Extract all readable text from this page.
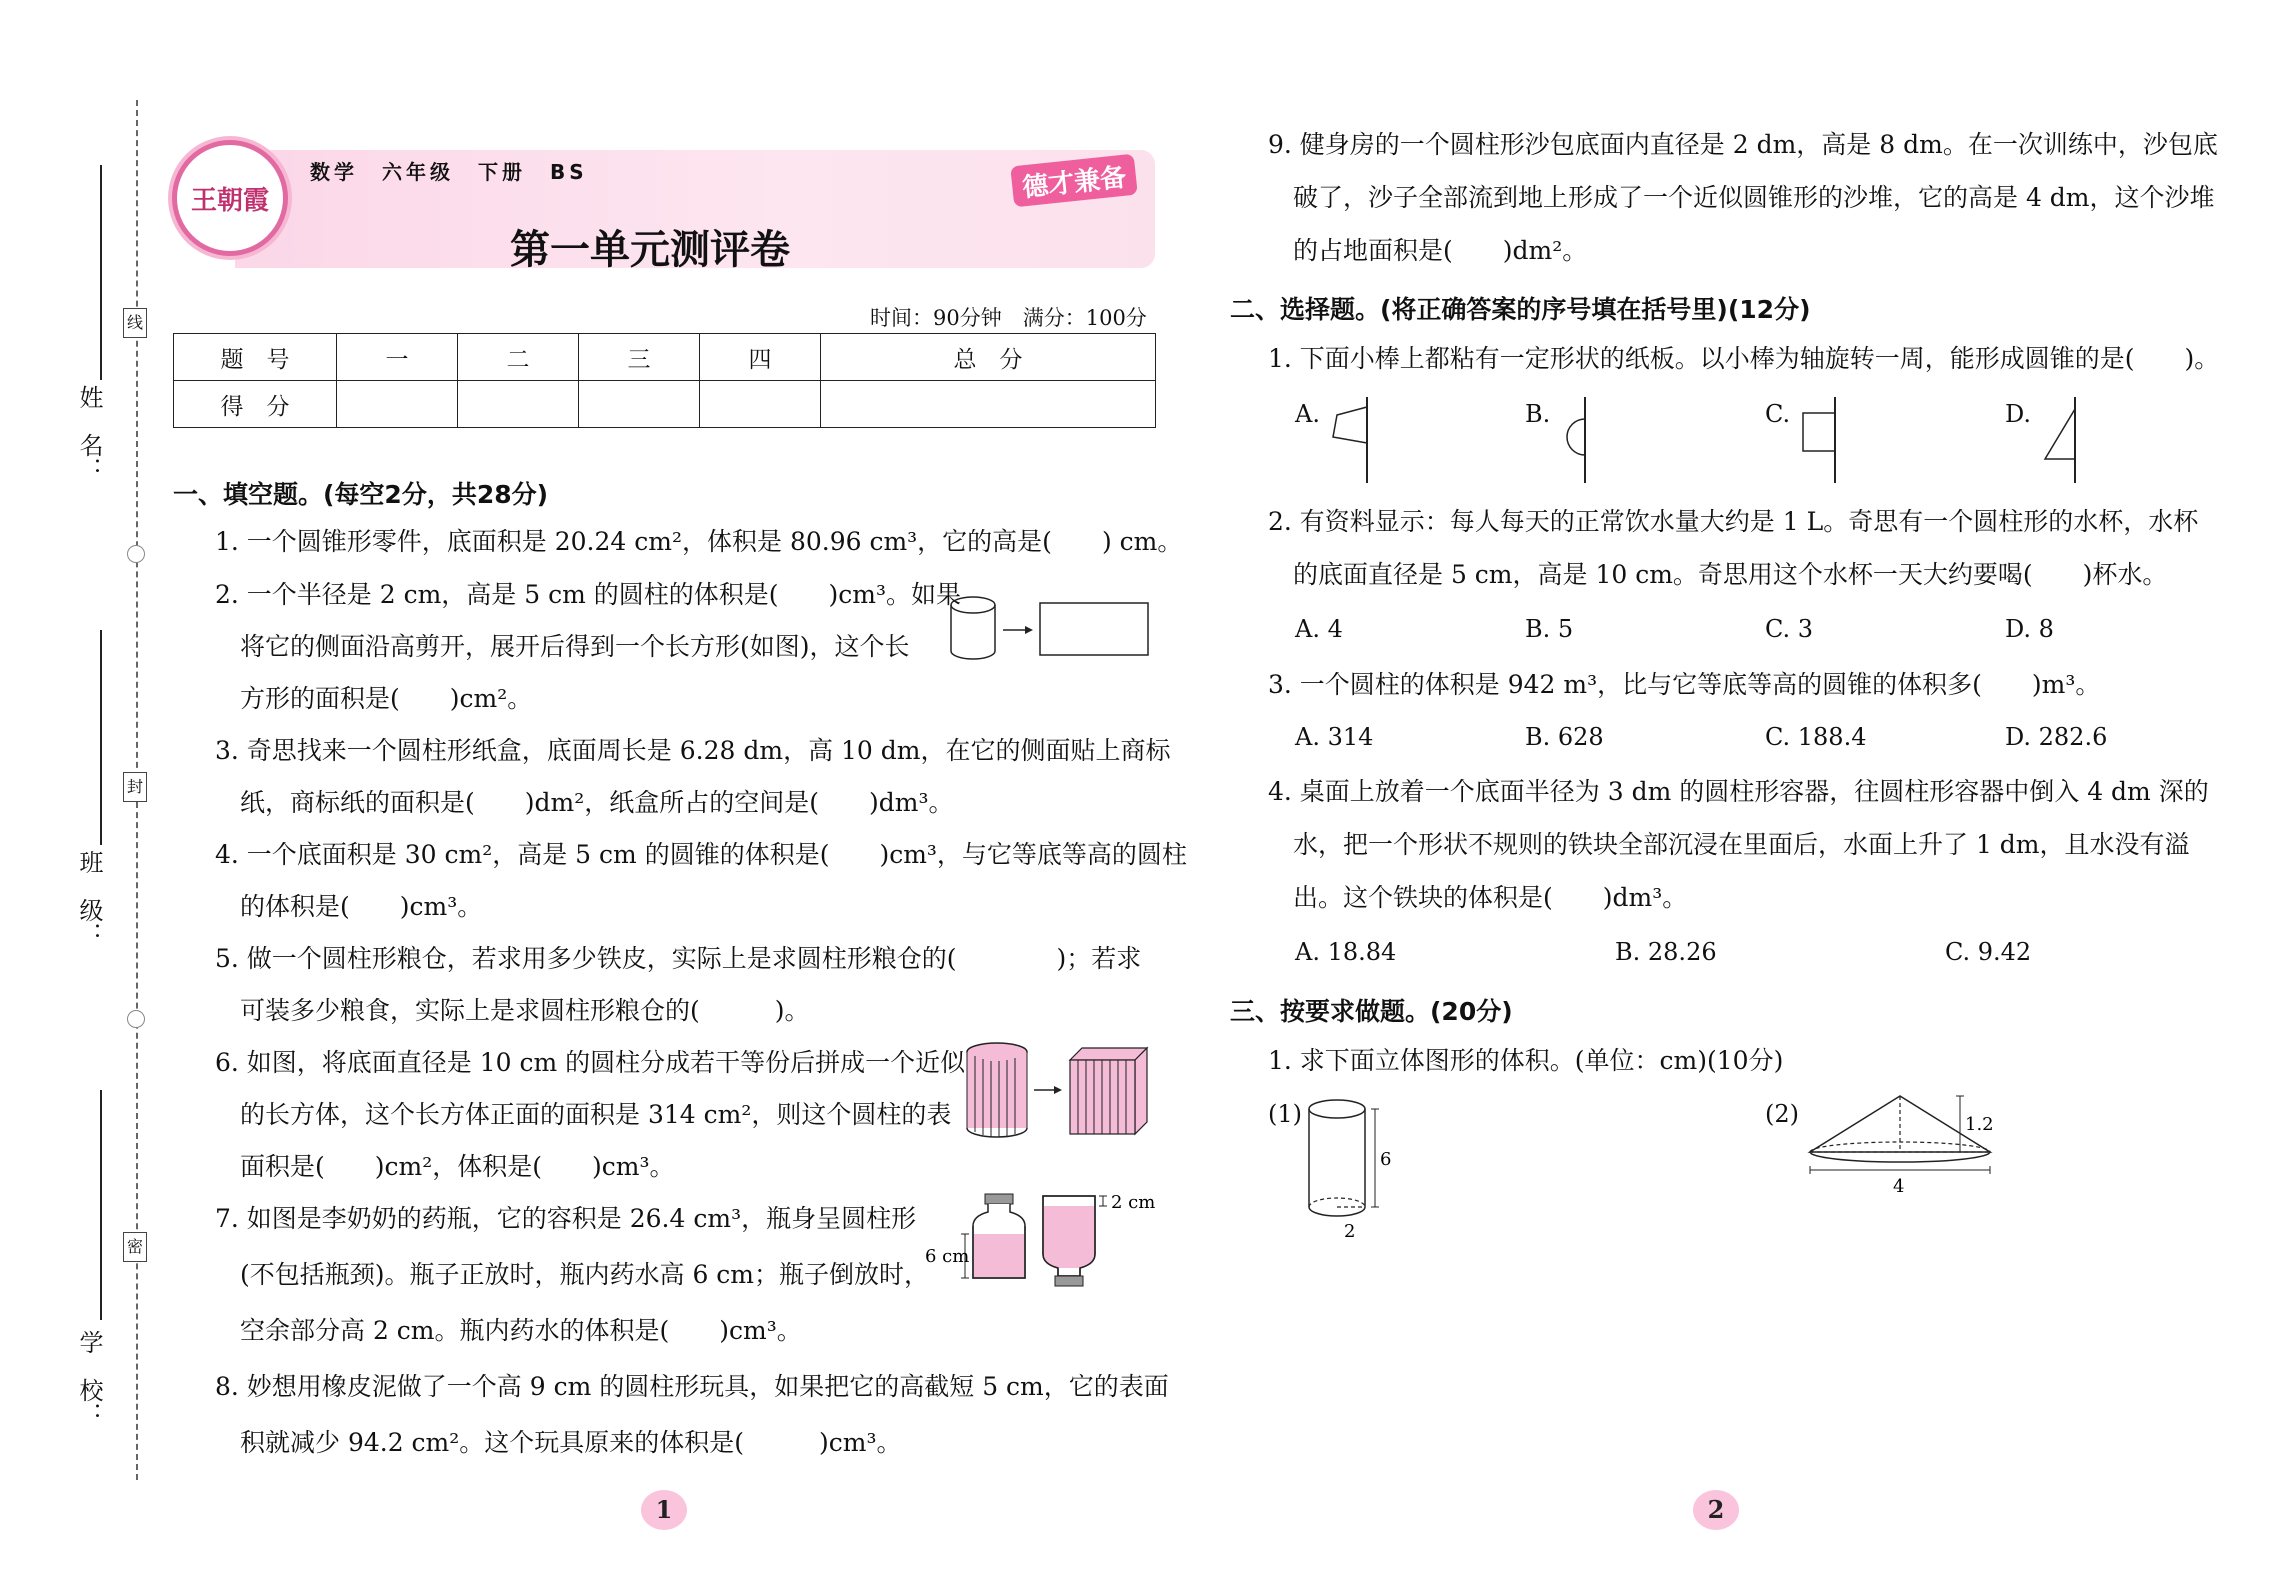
线
封
密
姓　名：
班　级：
学　校：
王朝霞
数学　六年级　下册　BS	德才兼备
第一单元测评卷
时间：90分钟　满分：100分
题　号	一	二	三	四	总　分
得　分					
一、填空题。(每空2分，共28分)
1. 一个圆锥形零件，底面积是 20.24 cm²，体积是 80.96 cm³，它的高是(　　) cm。
2. 一个半径是 2 cm，高是 5 cm 的圆柱的体积是(　　)cm³。如果
将它的侧面沿高剪开，展开后得到一个长方形(如图)，这个长
方形的面积是(　　)cm²。
3. 奇思找来一个圆柱形纸盒，底面周长是 6.28 dm，高 10 dm，在它的侧面贴上商标
纸，商标纸的面积是(　　)dm²，纸盒所占的空间是(　　)dm³。
4. 一个底面积是 30 cm²，高是 5 cm 的圆锥的体积是(　　)cm³，与它等底等高的圆柱
的体积是(　　)cm³。
5. 做一个圆柱形粮仓，若求用多少铁皮，实际上是求圆柱形粮仓的(　　　　)；若求
可装多少粮食，实际上是求圆柱形粮仓的(　　　)。
6. 如图，将底面直径是 10 cm 的圆柱分成若干等份后拼成一个近似
的长方体，这个长方体正面的面积是 314 cm²，则这个圆柱的表
面积是(　　)cm²，体积是(　　)cm³。
7. 如图是李奶奶的药瓶，它的容积是 26.4 cm³，瓶身呈圆柱形
(不包括瓶颈)。瓶子正放时，瓶内药水高 6 cm；瓶子倒放时，
空余部分高 2 cm。瓶内药水的体积是(　　)cm³。
6 cm
2 cm
8. 妙想用橡皮泥做了一个高 9 cm 的圆柱形玩具，如果把它的高截短 5 cm，它的表面
积就减少 94.2 cm²。这个玩具原来的体积是(　　　)cm³。
1
9. 健身房的一个圆柱形沙包底面内直径是 2 dm，高是 8 dm。在一次训练中，沙包底
破了，沙子全部流到地上形成了一个近似圆锥形的沙堆，它的高是 4 dm，这个沙堆
的占地面积是(　　)dm²。
二、选择题。(将正确答案的序号填在括号里)(12分)
1. 下面小棒上都粘有一定形状的纸板。以小棒为轴旋转一周，能形成圆锥的是(　　)。
A.	B.	C.	D.
2. 有资料显示：每人每天的正常饮水量大约是 1 L。奇思有一个圆柱形的水杯，水杯
的底面直径是 5 cm，高是 10 cm。奇思用这个水杯一天大约要喝(　　)杯水。
A. 4	B. 5	C. 3	D. 8
3. 一个圆柱的体积是 942 m³，比与它等底等高的圆锥的体积多(　　)m³。
A. 314	B. 628	C. 188.4	D. 282.6
4. 桌面上放着一个底面半径为 3 dm 的圆柱形容器，往圆柱形容器中倒入 4 dm 深的
水，把一个形状不规则的铁块全部沉浸在里面后，水面上升了 1 dm，且水没有溢
出。这个铁块的体积是(　　)dm³。
A. 18.84	B. 28.26	C. 9.42
三、按要求做题。(20分)
1. 求下面立体图形的体积。(单位：cm)(10分)
(1)
6
2
(2)	1.2
4
2
